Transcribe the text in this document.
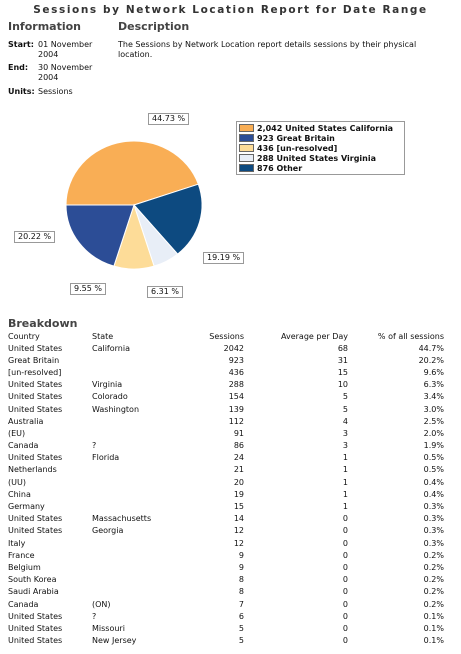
Sessions by Network Location Report for Date Range
Information	Description
Start: 01 November 2004
End: 30 November 2004
Units: Sessions
The Sessions by Network Location report details sessions by their physical location.
44.73 %
19.19 %
6.31 %
9.55 %
20.22 %
2,042 United States California
923 Great Britain
436 [un-resolved]
288 United States Virginia
876 Other
Breakdown
Country	State	Sessions	Average per Day	% of all sessions
United States	California	2042	68	44.7%
Great Britain		923	31	20.2%
[un-resolved]		436	15	9.6%
United States	Virginia	288	10	6.3%
United States	Colorado	154	5	3.4%
United States	Washington	139	5	3.0%
Australia		112	4	2.5%
(EU)		91	3	2.0%
Canada	?	86	3	1.9%
United States	Florida	24	1	0.5%
Netherlands		21	1	0.5%
(UU)		20	1	0.4%
China		19	1	0.4%
Germany		15	1	0.3%
United States	Massachusetts	14	0	0.3%
United States	Georgia	12	0	0.3%
Italy		12	0	0.3%
France		9	0	0.2%
Belgium		9	0	0.2%
South Korea		8	0	0.2%
Saudi Arabia		8	0	0.2%
Canada	(ON)	7	0	0.2%
United States	?	6	0	0.1%
United States	Missouri	5	0	0.1%
United States	New Jersey	5	0	0.1%
